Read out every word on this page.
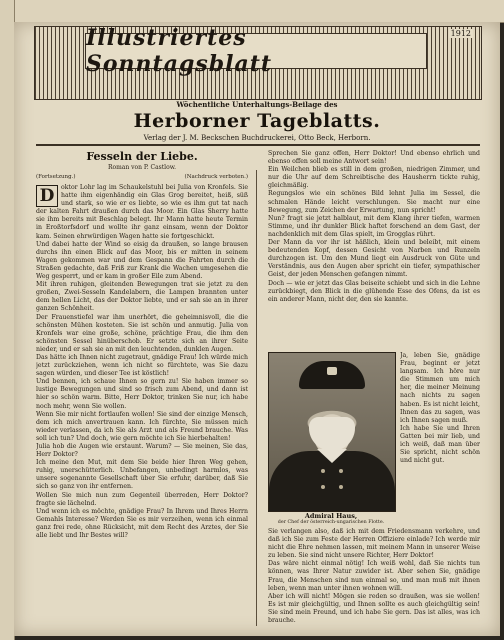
Illustriertes Sonntagsblatt
1912
Wöchentliche Unterhaltungs-Beilage des
Herborner Tageblatts.
Verlag der J. M. Beckschen Buchdruckerei, Otto Beck, Herborn.
Fesseln der Liebe.
Roman von P. Castlow.
(Fortsetzung.)	(Nachdruck verboten.)

D	oktor Lohr lag im Schaukelstuhl bei Julia von Kronfels. Sie hatte ihm eigenhändig ein Glas Grog bereitet, heiß, süß und stark, so wie er es liebte, so wie es ihm gut tat nach der kalten Fahrt draußen durch das Moor. Ein Glas Sherry hatte sie ihm bereits mit Beschlag belegt. Ihr Mann hatte heute Termin in Eroßtorfsdorf und wollte ihr ganz einsam, wenn der Doktor kam. Seinen ehrwürdigen Wagen hatte sie fortgeschickt.

Und dabei hatte der Wind so eisig da draußen, so lange brausen durchs ihn einen Blick auf das Moor, bis er mitten in seinem Wagen gekommen war und dem Gespann die Fahrten durch die Straßen gedachte, daß Friß zur Krank die Wachen umgesehen die Weg gesperrt, und er kam in großer Eile zum Abend.

Mit ihren ruhigen, gleitenden Bewegungen trat sie jetzt zu den großen, Zwei-Sesseln Kandelabern, die Lampen brannten unter dem hellen Licht, das der Doktor liebte, und er sah sie an in ihrer ganzen Schönheit.

Der Frauenstiefel war ihm unerhört, die geheimnisvoll, die die schönsten Mühen kosteten. Sie ist schön und anmutig. Julia von Kronfels war eine große, schöne, prächtige Frau, die ihm den schönsten Sessel hinüberschob. Er setzte sich an ihrer Seite nieder, und er sah sie an mit den leuchtenden, dunklen Augen.

Das hätte ich Ihnen nicht zugetraut, gnädige Frau! Ich würde mich jetzt zurückziehen, wenn ich nicht so fürchtete, was Sie dazu sagen würden, und dieser Tee ist köstlich!

Und bennen, ich schaue Ihnen so gern zu! Sie haben immer so lustige Bewegungen und sind so frisch zum Abend, und dann ist hier so schön warm. Bitte, Herr Doktor, trinken Sie nur, ich habe noch mehr, wenn Sie wollen.

Wenn Sie mir nicht fortlaufen wollen! Sie sind der einzige Mensch, dem ich mich anvertrauen kann. Ich fürchte, Sie müssen mich wieder verlassen, da ich Sie als Arzt und als Freund brauche. Was soll ich tun? Und doch, wie gern möchte ich Sie hierbehalten!

Julia hob die Augen wie erstaunt. Warum? — Sie meinen, Sie das, Herr Doktor?

Ich meine den Mut, mit dem Sie beide hier Ihren Weg gehen, ruhig, unerschütterlich. Unbefangen, unbedingt harmlos, was unsere sogenannte Gesellschaft über Sie erfuhr, darüber, daß Sie sich so ganz von ihr entfernen.

Wollen Sie mich nun zum Gegenteil überreden, Herr Doktor? fragte sie lächelnd.

Und wenn ich es möchte, gnädige Frau? In Ihrem und Ihres Herrn Gemahls Interesse? Werden Sie es mir verzeihen, wenn ich einmal ganz frei rede, ohne Rücksicht, mit dem Recht des Arztes, der Sie alle liebt und Ihr Bestes will?

Sprechen Sie ganz offen, Herr Doktor! Und ebenso ehrlich und ebenso offen soll meine Antwort sein!

Ein Weilchen blieb es still in dem großen, niedrigen Zimmer, und nur die Uhr auf dem Schreibtische des Hausherrn tickte ruhig, gleichmäßig.

Regungslos wie ein schönes Bild lehnt Julia im Sessel, die schmalen Hände leicht verschlungen. Sie macht nur eine Bewegung, zum Zeichen der Erwartung, nun spricht!

Nun? fragt sie jetzt halblaut, mit dem Klang ihrer tiefen, warmen Stimme, und ihr dunkler Blick haftet forschend an dem Gast, der nachdenklich mit dem Glas spielt, im Grogglas rührt.

Der Mann da vor ihr ist häßlich, klein und beleibt, mit einem bedeutenden Kopf, dessen Gesicht von Narben und Runzeln durchzogen ist. Um den Mund liegt ein Ausdruck von Güte und Verständnis, aus den Augen aber spricht ein tiefer, sympathischer Geist, der jeden Menschen gefangen nimmt.

Doch — wie er jetzt das Glas beiseite schiebt und sich in die Lehne zurückbiegt, den Blick in die glühende Esse des Ofens, da ist es ein anderer Mann, nicht der, den sie kannte.

Admiral Haus,
der Chef der österreich-ungarischen Flotte.

Ja, leben Sie, gnädige Frau, beginnt er jetzt langsam. Ich höre nur die Stimmen um mich her, die meiner Meinung nach nichts zu sagen haben. Es ist nicht leicht, Ihnen das zu sagen, was ich Ihnen sagen muß.

Ich habe Sie und Ihren Gatten bei mir lieb, und ich weiß, daß man über Sie spricht, nicht schön und nicht gut.

Sie verlangen also, daß ich mit dem Friedensmann verkehre, und daß ich Sie zum Feste der Herren Offiziere einlade? Ich werde mir nicht die Ehre nehmen lassen, mit meinem Mann in unserer Weise zu leben. Sie sind nicht unsere Richter, Herr Doktor!

Das wäre nicht einmal nötig! Ich weiß wohl, daß Sie nichts tun können, was Ihrer Natur zuwider ist. Aber sehen Sie, gnädige Frau, die Menschen sind nun einmal so, und man muß mit ihnen leben, wenn man unter ihnen wohnen will.

Aber ich will nicht! Mögen sie reden so draußen, was sie wollen! Es ist mir gleichgültig, und Ihnen sollte es auch gleichgültig sein! Sie sind mein Freund, und ich habe Sie gern. Das ist alles, was ich brauche.
